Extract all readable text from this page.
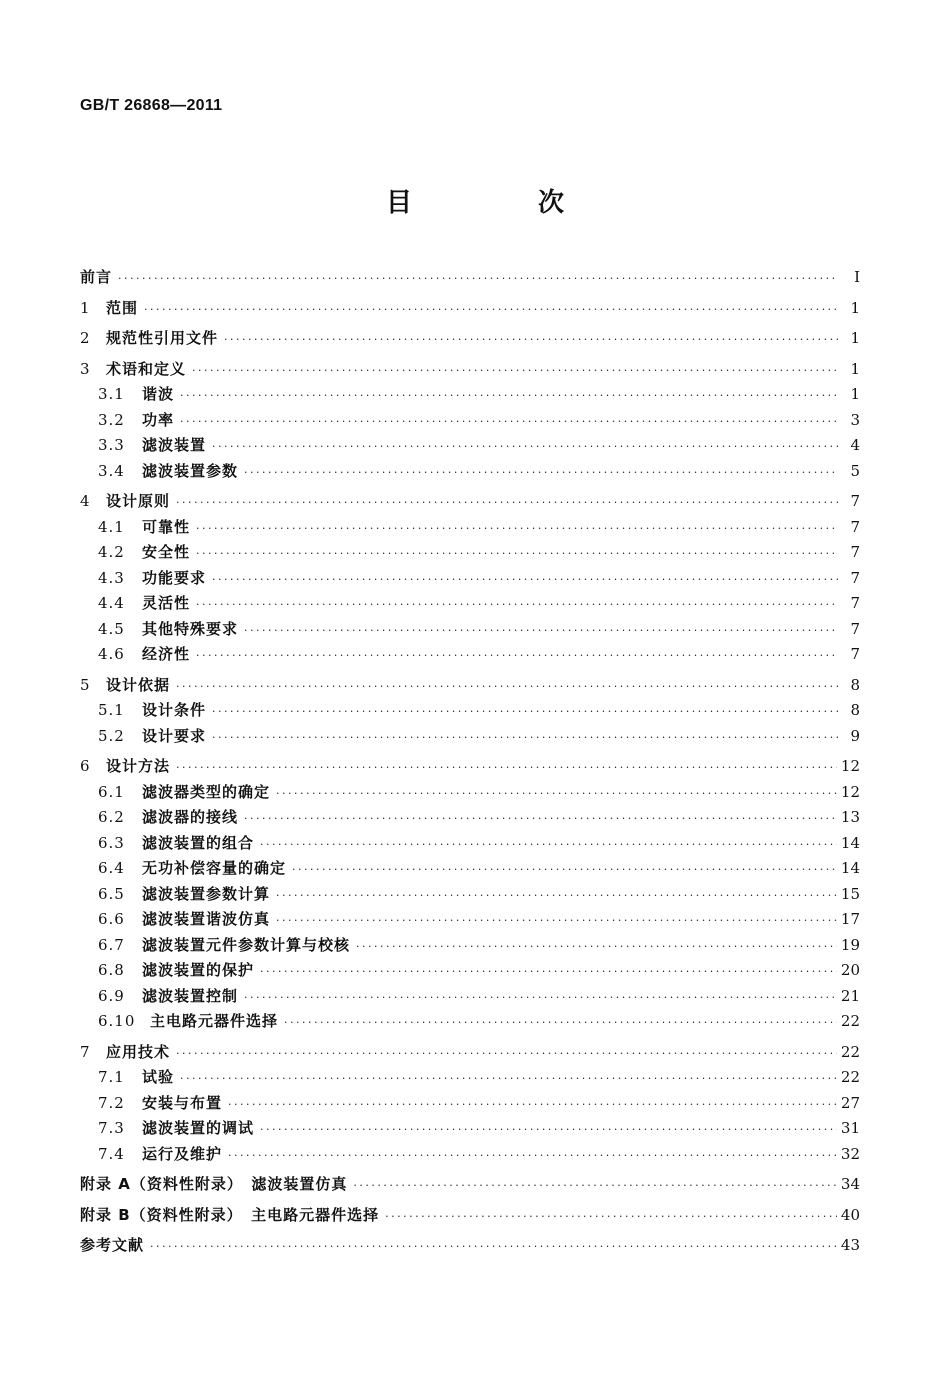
GB/T 26868—2011
目　次
前言 ·····	I
1	范围 ·····	1
2	规范性引用文件 ·····	1
3	术语和定义 ·····	1
3.1	谐波 ·····	1
3.2	功率 ·····	3
3.3	滤波装置 ·····	4
3.4	滤波装置参数 ·····	5
4	设计原则 ·····	7
4.1	可靠性 ·····	7
4.2	安全性 ·····	7
4.3	功能要求 ·····	7
4.4	灵活性 ·····	7
4.5	其他特殊要求 ·····	7
4.6	经济性 ·····	7
5	设计依据 ·····	8
5.1	设计条件 ·····	8
5.2	设计要求 ·····	9
6	设计方法 ·····	12
6.1	滤波器类型的确定 ·····	12
6.2	滤波器的接线 ·····	13
6.3	滤波装置的组合 ·····	14
6.4	无功补偿容量的确定 ·····	14
6.5	滤波装置参数计算 ·····	15
6.6	滤波装置谐波仿真 ·····	17
6.7	滤波装置元件参数计算与校核 ·····	19
6.8	滤波装置的保护 ·····	20
6.9	滤波装置控制 ·····	21
6.10 主电路元器件选择 ·····	22
7	应用技术 ·····	22
7.1	试验 ·····	22
7.2	安装与布置 ·····	27
7.3	滤波装置的调试 ·····	31
7.4	运行及维护 ·····	32
附录 A（资料性附录）　滤波装置仿真 ·····	34
附录 B（资料性附录）　主电路元器件选择 ·····	40
参考文献 ·····	43
